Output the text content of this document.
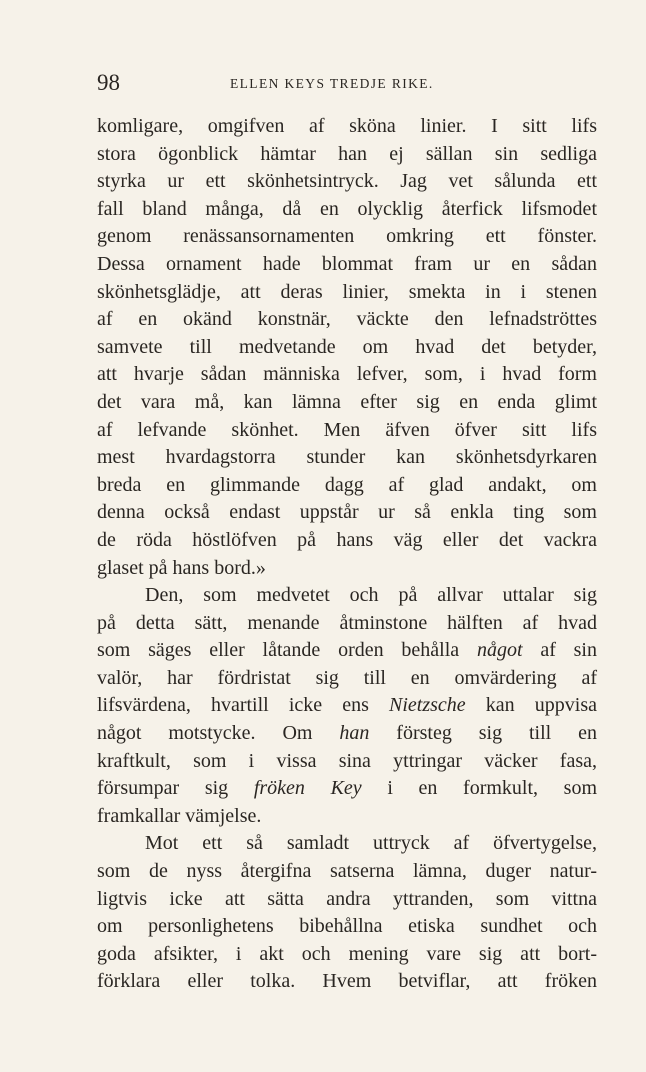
98	ELLEN KEYS TREDJE RIKE.
komligare, omgifven af sköna linier. I sitt lifs
stora ögonblick hämtar han ej sällan sin sedliga
styrka ur ett skönhetsintryck. Jag vet sålunda ett
fall bland många, då en olycklig återfick lifsmodet
genom renässansornamenten omkring ett fönster.
Dessa ornament hade blommat fram ur en sådan
skönhetsglädje, att deras linier, smekta in i stenen
af en okänd konstnär, väckte den lefnadströttes
samvete till medvetande om hvad det betyder,
att hvarje sådan människa lefver, som, i hvad form
det vara må, kan lämna efter sig en enda glimt
af lefvande skönhet. Men äfven öfver sitt lifs
mest hvardagstorra stunder kan skönhetsdyrkaren
breda en glimmande dagg af glad andakt, om
denna också endast uppstår ur så enkla ting som
de röda höstlöfven på hans väg eller det vackra
glaset på hans bord.»
Den, som medvetet och på allvar uttalar sig
på detta sätt, menande åtminstone hälften af hvad
som säges eller låtande orden behålla något af sin
valör, har fördristat sig till en omvärdering af
lifsvärdena, hvartill icke ens Nietzsche kan uppvisa
något motstycke. Om han försteg sig till en
kraftkult, som i vissa sina yttringar väcker fasa,
försumpar sig fröken Key i en formkult, som
framkallar vämjelse.
Mot ett så samladt uttryck af öfvertygelse,
som de nyss återgifna satserna lämna, duger natur-
ligtvis icke att sätta andra yttranden, som vittna
om personlighetens bibehållna etiska sundhet och
goda afsikter, i akt och mening vare sig att bort-
förklara eller tolka. Hvem betviflar, att fröken
